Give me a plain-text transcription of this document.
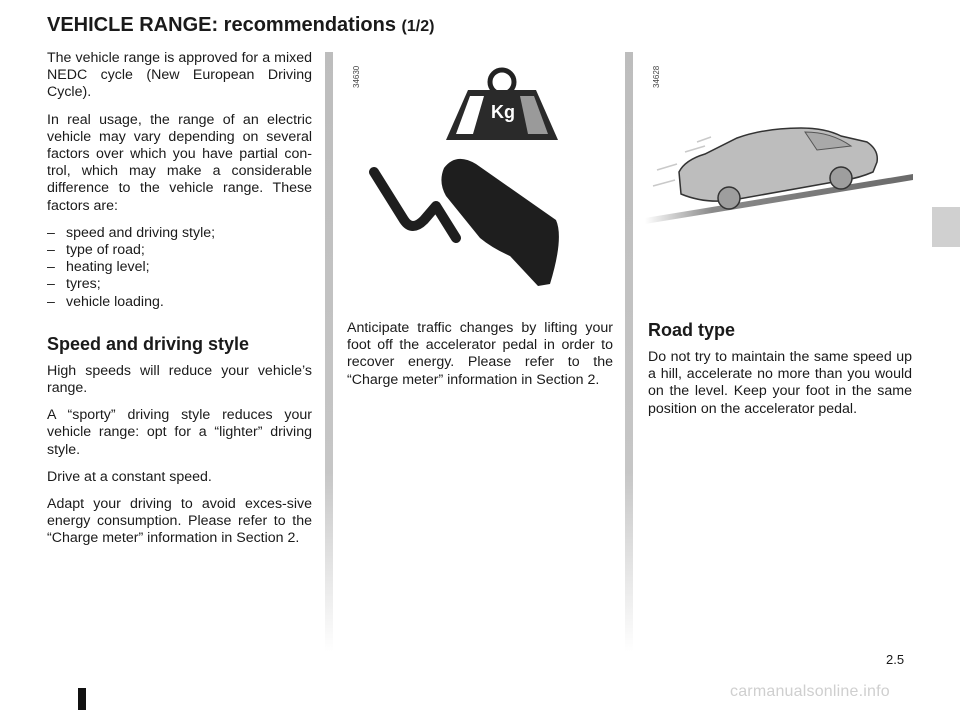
VEHICLE RANGE: recommendations (1/2)

The vehicle range is approved for a mixed NEDC cycle (New European Driving Cycle).

In real usage, the range of an electric vehicle may vary depending on several factors over which you have partial con-trol, which may make a considerable difference to the vehicle range. These factors are:

– speed and driving style;
– type of road;
– heating level;
– tyres;
– vehicle loading.
Speed and driving style

High speeds will reduce your vehicle’s range.

A “sporty” driving style reduces your vehicle range: opt for a “lighter” driving style.

Drive at a constant speed.

Adapt your driving to avoid exces-sive energy consumption. Please refer to the “Charge meter” information in Section 2.

34630
Kg

Anticipate traffic changes by lifting your foot off the accelerator pedal in order to recover energy. Please refer to the “Charge meter” information in Section 2.

34628
Road type

Do not try to maintain the same speed up a hill, accelerate no more than you would on the level. Keep your foot in the same position on the accelerator pedal.

2.5
carmanualsonline.info
